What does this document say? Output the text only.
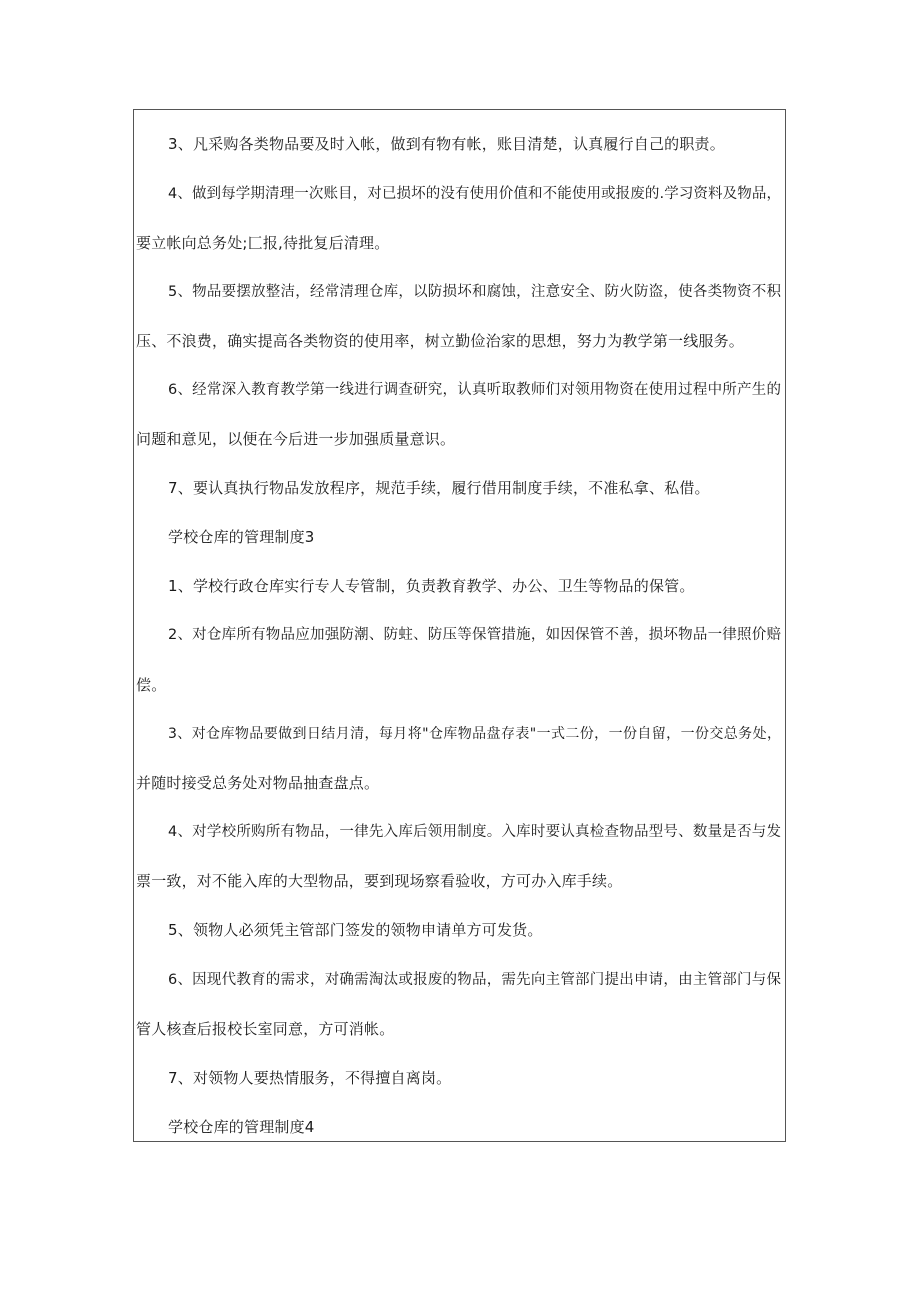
3、凡采购各类物品要及时入帐，做到有物有帐，账目清楚，认真履行自己的职责。
4、做到每学期清理一次账目，对已损坏的没有使用价值和不能使用或报废的.学习资料及物品，
要立帐向总务处;匚报,待批复后清理。
5、物品要摆放整洁，经常清理仓库，以防损坏和腐蚀，注意安全、防火防盗，使各类物资不积
压、不浪费，确实提高各类物资的使用率，树立勤俭治家的思想，努力为教学第一线服务。
6、经常深入教育教学第一线进行调查研究，认真听取教师们对领用物资在使用过程中所产生的
问题和意见，以便在今后进一步加强质量意识。
7、要认真执行物品发放程序，规范手续，履行借用制度手续，不准私拿、私借。
学校仓库的管理制度3
1、学校行政仓库实行专人专管制，负责教育教学、办公、卫生等物品的保管。
2、对仓库所有物品应加强防潮、防蛀、防压等保管措施，如因保管不善，损坏物品一律照价赔
偿。
3、对仓库物品要做到日结月清，每月将"仓库物品盘存表"一式二份，一份自留，一份交总务处，
并随时接受总务处对物品抽查盘点。
4、对学校所购所有物品，一律先入库后领用制度。入库时要认真检查物品型号、数量是否与发
票一致，对不能入库的大型物品，要到现场察看验收，方可办入库手续。
5、领物人必须凭主管部门签发的领物申请单方可发货。
6、因现代教育的需求，对确需淘汰或报废的物品，需先向主管部门提出申请，由主管部门与保
管人核查后报校长室同意，方可消帐。
7、对领物人要热情服务，不得擅自离岗。
学校仓库的管理制度4
